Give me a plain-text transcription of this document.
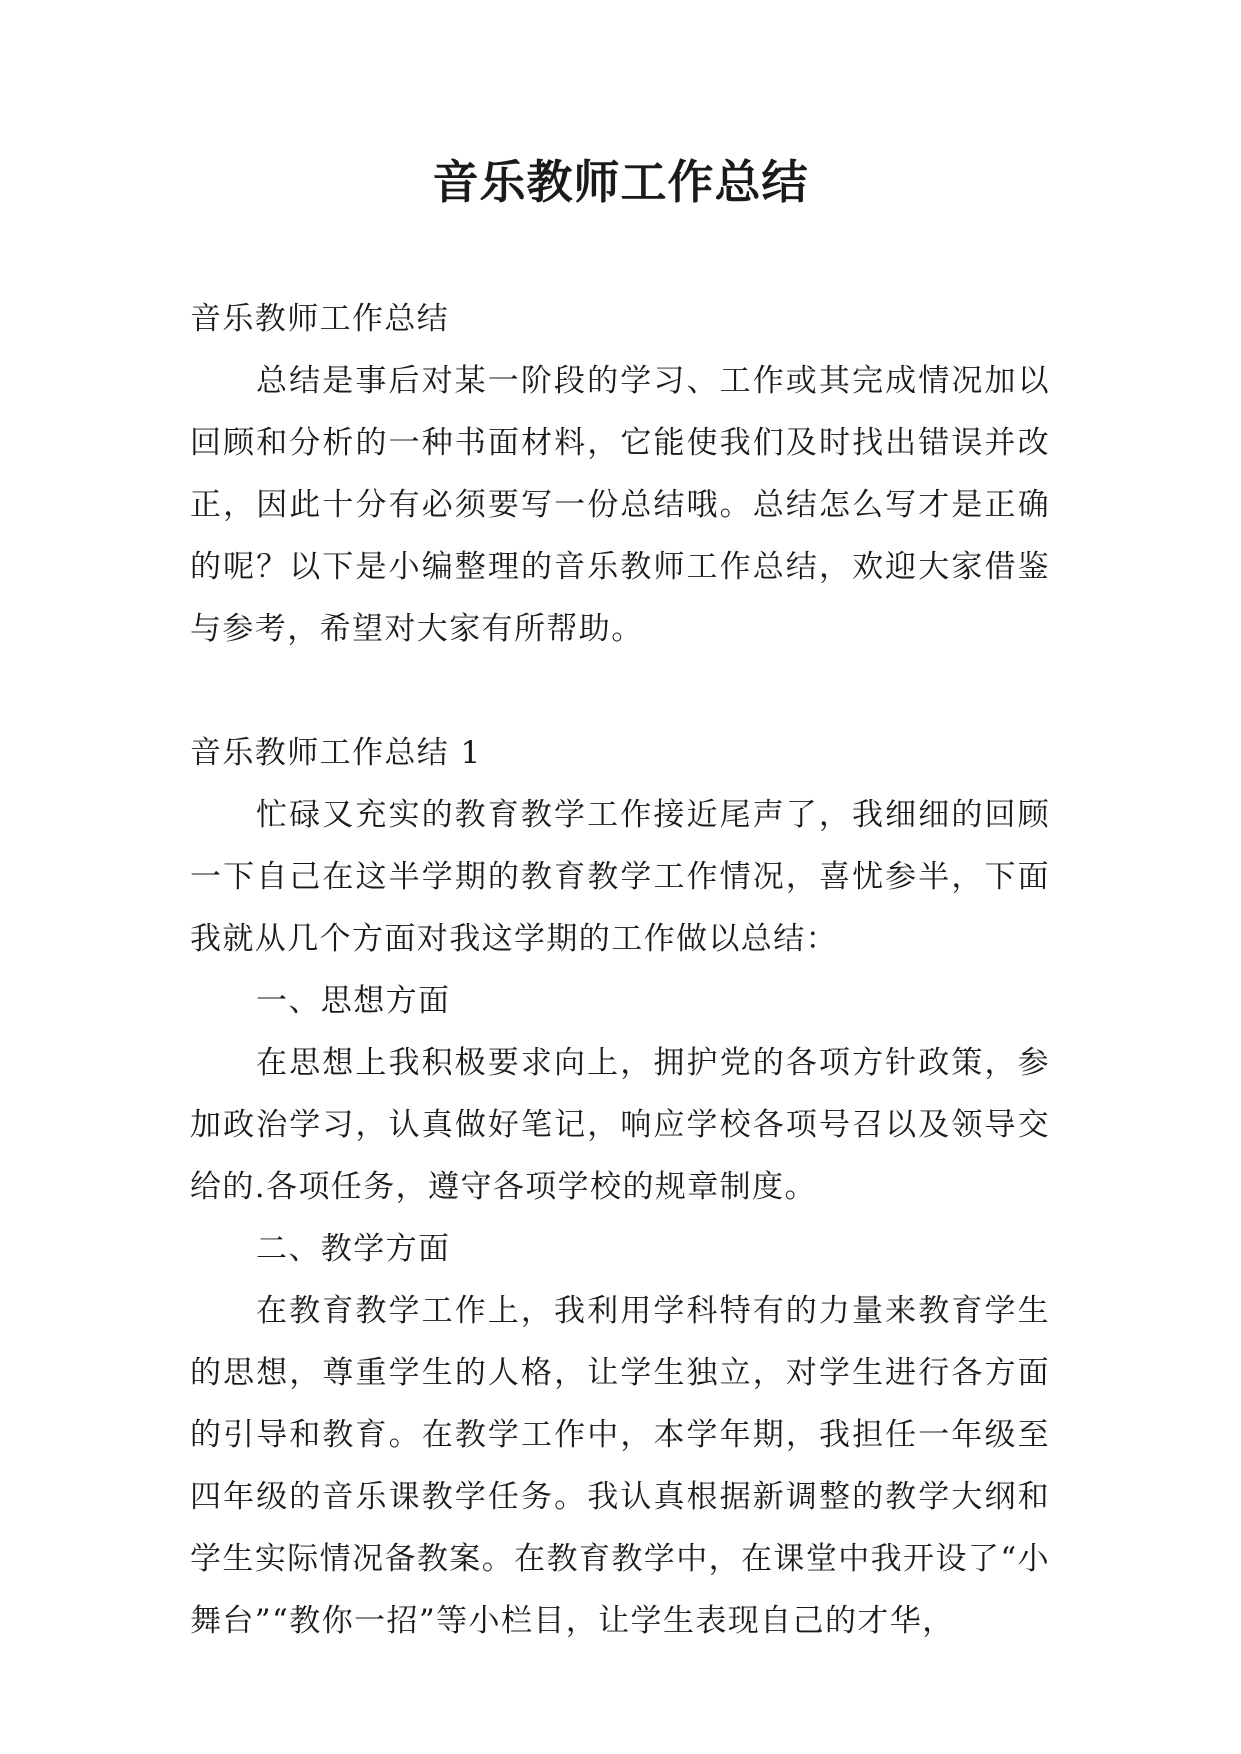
音乐教师工作总结

音乐教师工作总结

总结是事后对某一阶段的学习、工作或其完成情况加以回顾和分析的一种书面材料，它能使我们及时找出错误并改正，因此十分有必须要写一份总结哦。总结怎么写才是正确的呢？以下是小编整理的音乐教师工作总结，欢迎大家借鉴与参考，希望对大家有所帮助。

音乐教师工作总结 1

忙碌又充实的教育教学工作接近尾声了，我细细的回顾一下自己在这半学期的教育教学工作情况，喜忧参半，下面我就从几个方面对我这学期的工作做以总结：

一、思想方面

在思想上我积极要求向上，拥护党的各项方针政策，参加政治学习，认真做好笔记，响应学校各项号召以及领导交给的.各项任务，遵守各项学校的规章制度。

二、教学方面

在教育教学工作上，我利用学科特有的力量来教育学生的思想，尊重学生的人格，让学生独立，对学生进行各方面的引导和教育。在教学工作中，本学年期，我担任一年级至四年级的音乐课教学任务。我认真根据新调整的教学大纲和学生实际情况备教案。在教育教学中，在课堂中我开设了“小舞台”“教你一招”等小栏目，让学生表现自己的才华，
